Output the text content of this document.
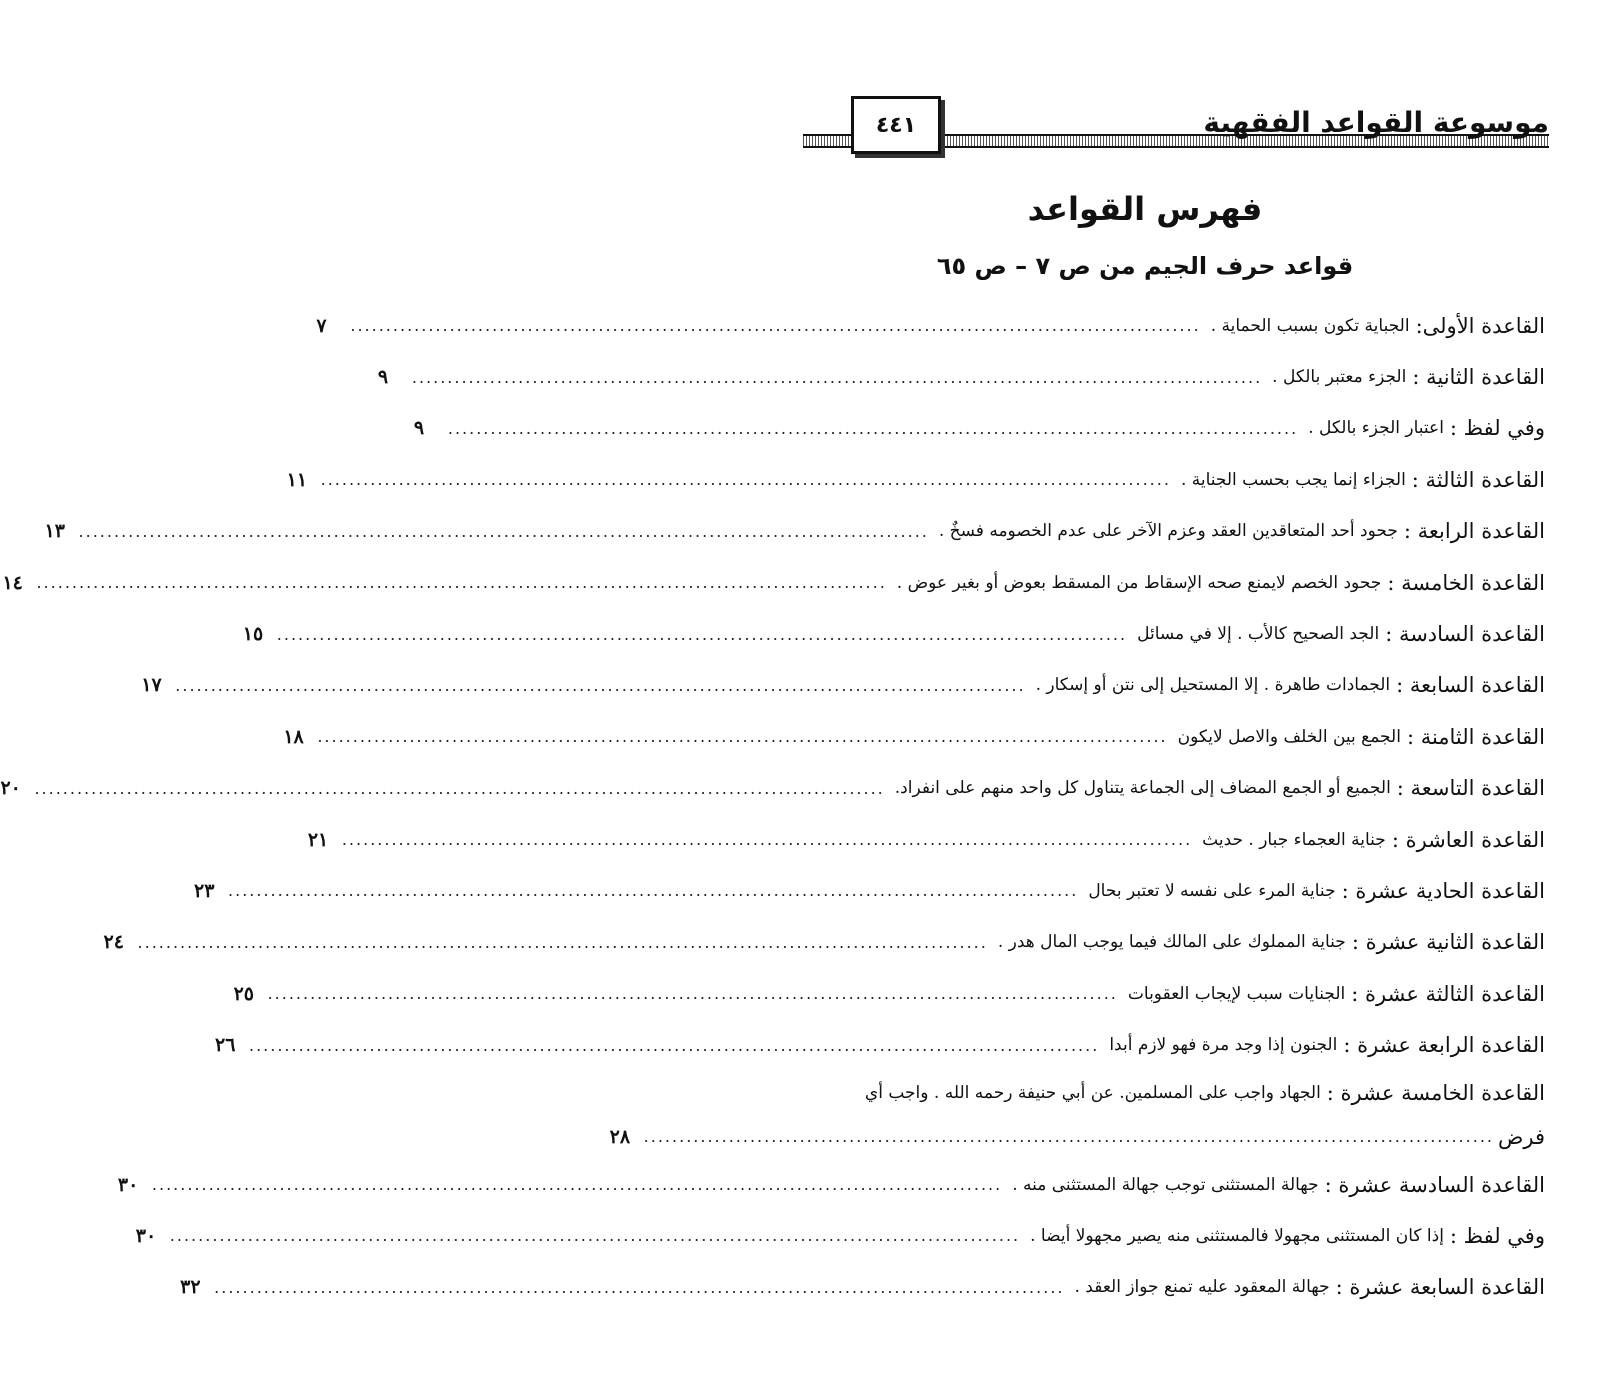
موسوعة القواعد الفقهية
٤٤١
فهرس القواعد
قواعد حرف الجيم من ص ٧ – ص ٦٥
القاعدة الأولى:
الجباية تكون بسبب الحماية .
........................................................................................................................
٧
القاعدة الثانية :
الجزء معتبر بالكل .
........................................................................................................................
٩
وفي لفظ :
اعتبار الجزء بالكل .
........................................................................................................................
٩
القاعدة الثالثة :
الجزاء إنما يجب بحسب الجناية .
........................................................................................................................
١١
القاعدة الرابعة :
جحود أحد المتعاقدين العقد وعزم الآخر على عدم الخصومه فسخٌ .
........................................................................................................................
١٣
القاعدة الخامسة :
جحود الخصم لايمنع صحه الإسقاط من المسقط بعوض أو بغير عوض .
........................................................................................................................
١٤
القاعدة السادسة :
الجد الصحيح كالأب . إلا في مسائل
........................................................................................................................
١٥
القاعدة السابعة :
الجمادات طاهرة . إلا المستحيل إلى نتن أو إسكار .
........................................................................................................................
١٧
القاعدة الثامنة :
الجمع بين الخلف والاصل لايكون
........................................................................................................................
١٨
القاعدة التاسعة :
الجميع أو الجمع المضاف إلى الجماعة يتناول كل واحد منهم على انفراد.
........................................................................................................................
٢٠
القاعدة العاشرة :
جناية العجماء جبار . حديث
........................................................................................................................
٢١
القاعدة الحادية عشرة :
جناية المرء على نفسه لا تعتبر بحال
........................................................................................................................
٢٣
القاعدة الثانية عشرة :
جناية المملوك على المالك فيما يوجب المال هدر .
........................................................................................................................
٢٤
القاعدة الثالثة عشرة :
الجنايات سبب لإيجاب العقوبات
........................................................................................................................
٢٥
القاعدة الرابعة عشرة :
الجنون إذا وجد مرة فهو لازم أبدا
........................................................................................................................
٢٦
القاعدة الخامسة عشرة :
الجهاد واجب على المسلمين. عن أبي حنيفة رحمه الله . واجب أي
فرض
........................................................................................................................
٢٨
القاعدة السادسة عشرة :
جهالة المستثنى توجب جهالة المستثنى منه .
........................................................................................................................
٣٠
وفي لفظ :
إذا كان المستثنى مجهولا فالمستثنى منه يصير مجهولا أيضا .
........................................................................................................................
٣٠
القاعدة السابعة عشرة :
جهالة المعقود عليه تمنع جواز العقد .
........................................................................................................................
٣٢
